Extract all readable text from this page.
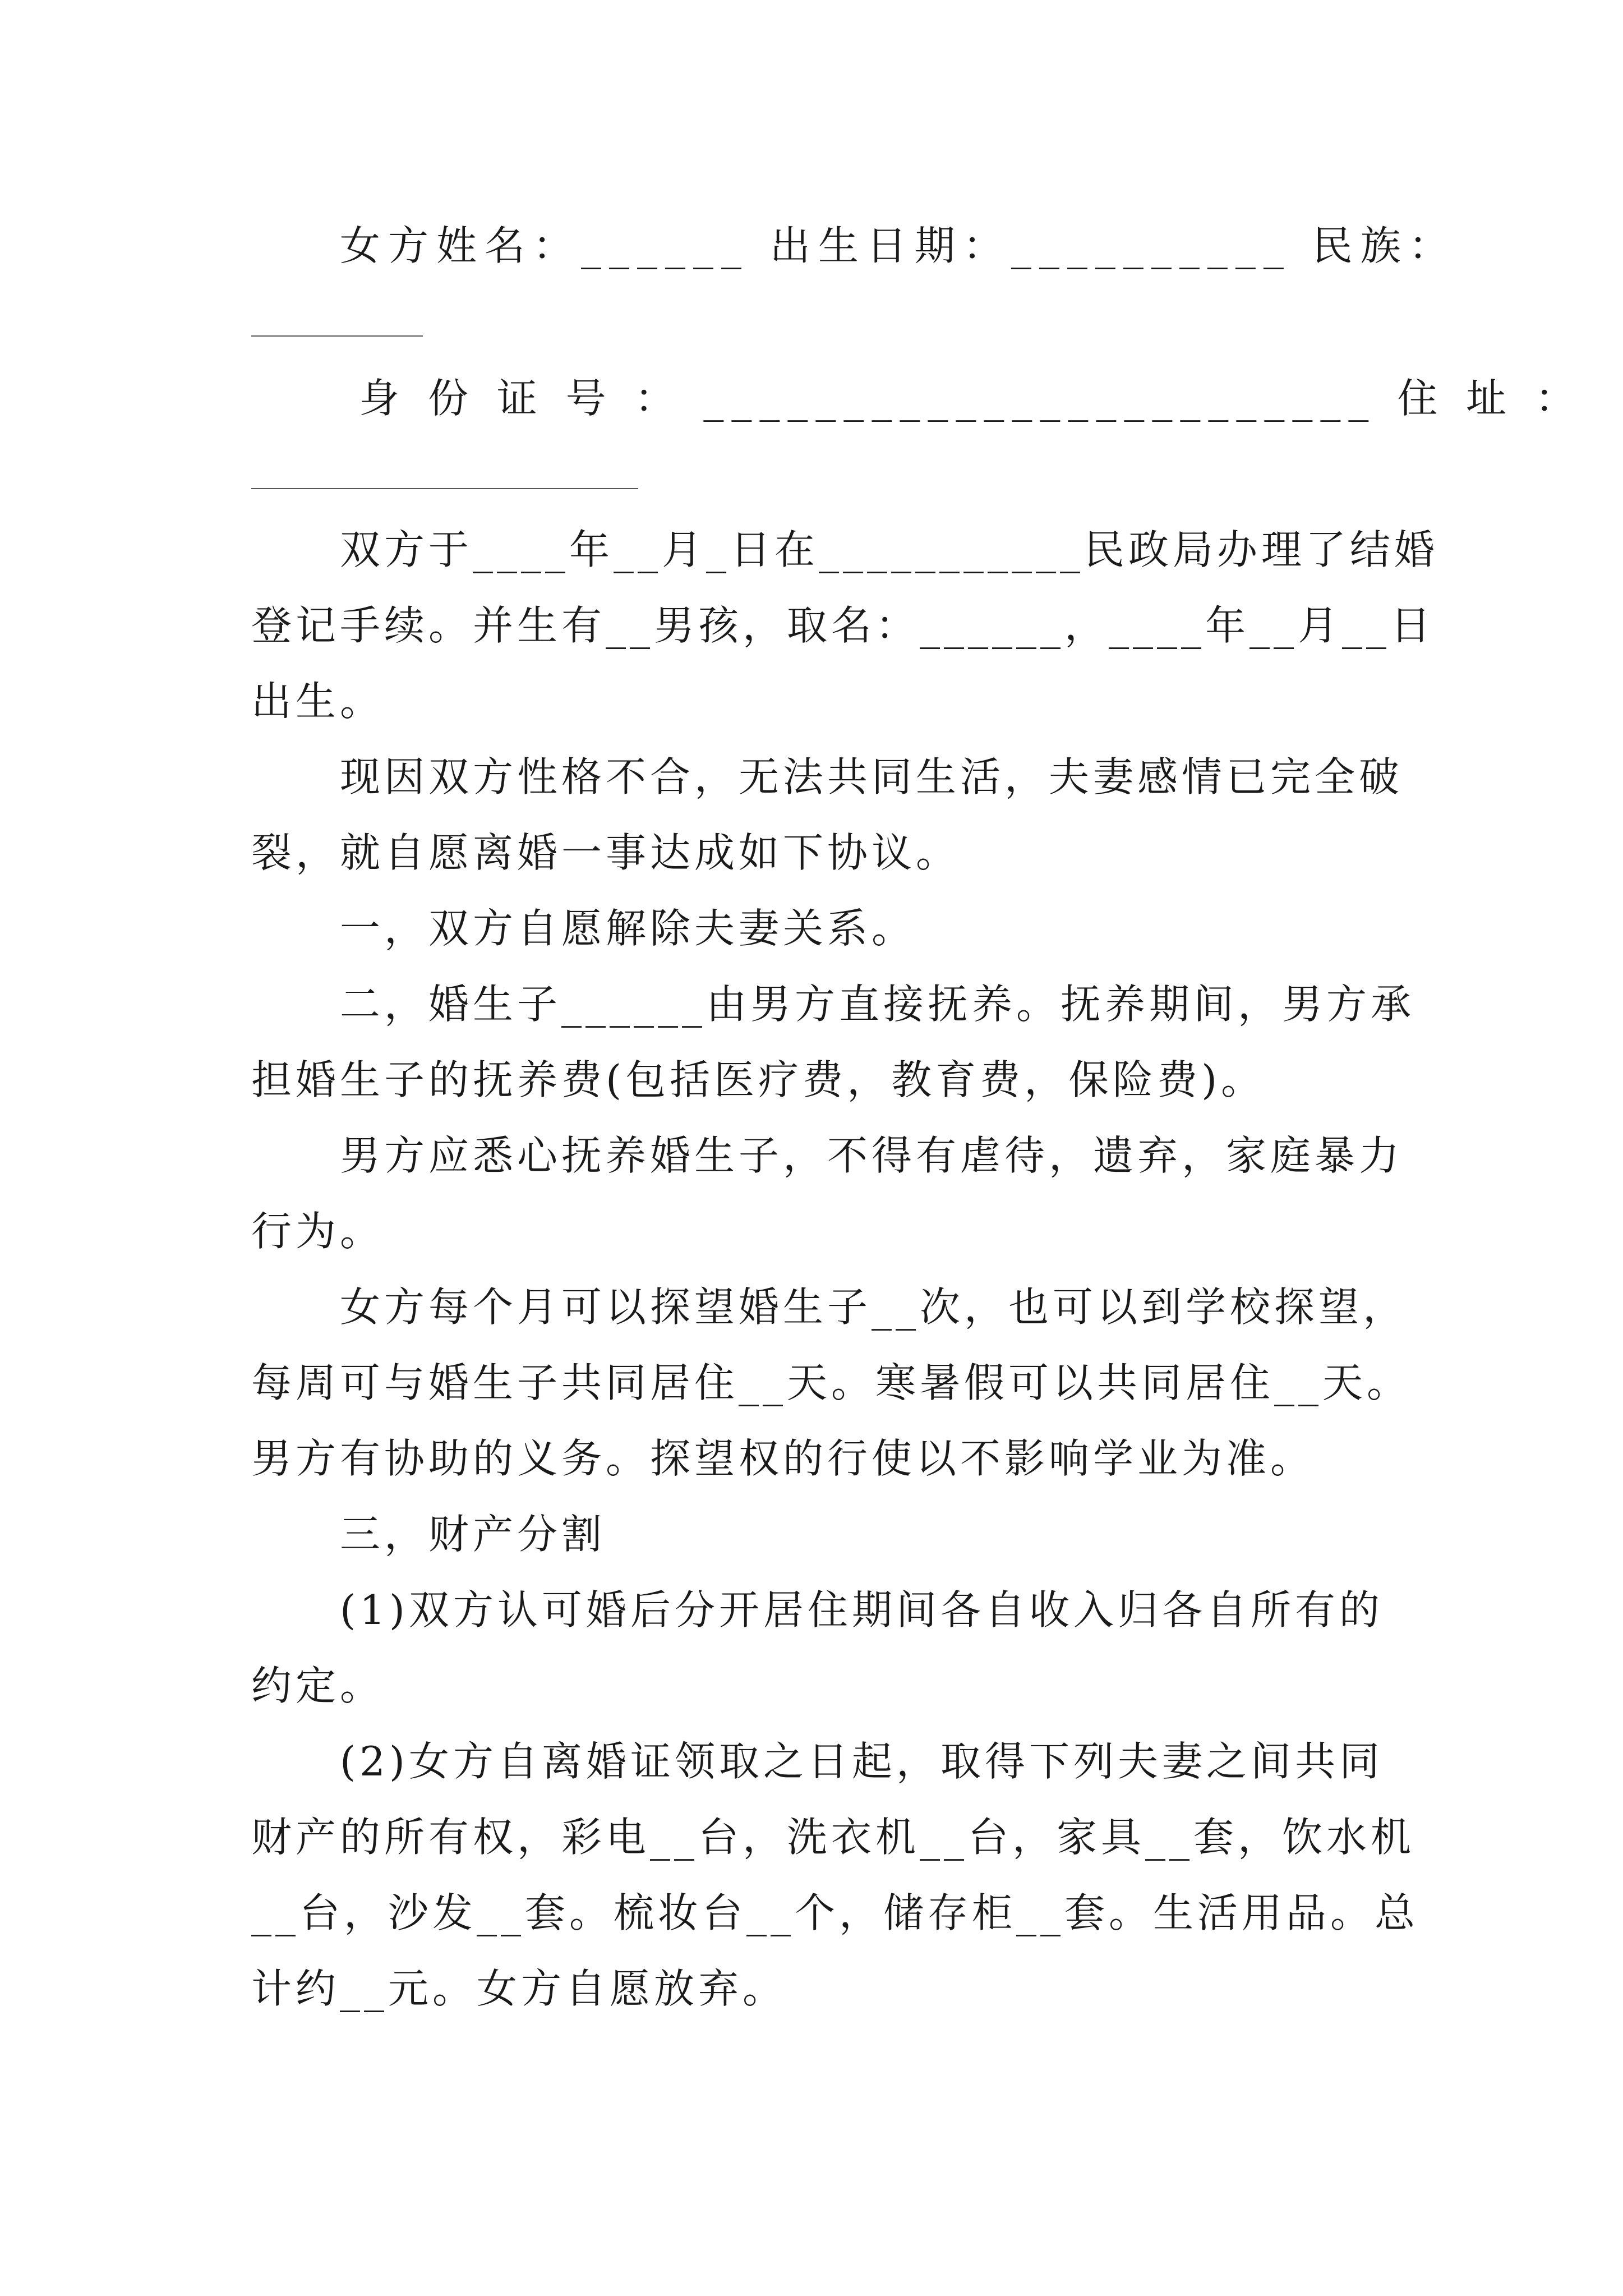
女方姓名：______ 出生日期：__________ 民族：
身 份 证 号 ： ________________________ 住 址 ：
双方于____年__月_日在___________民政局办理了结婚
登记手续。并生有__男孩，取名：______，____年__月__日
出生。
现因双方性格不合，无法共同生活，夫妻感情已完全破
裂，就自愿离婚一事达成如下协议。
一，双方自愿解除夫妻关系。
二，婚生子______由男方直接抚养。抚养期间，男方承
担婚生子的抚养费(包括医疗费，教育费，保险费)。
男方应悉心抚养婚生子，不得有虐待，遗弃，家庭暴力
行为。
女方每个月可以探望婚生子__次，也可以到学校探望，
每周可与婚生子共同居住__天。寒暑假可以共同居住__天。
男方有协助的义务。探望权的行使以不影响学业为准。
三，财产分割
(1)双方认可婚后分开居住期间各自收入归各自所有的
约定。
(2)女方自离婚证领取之日起，取得下列夫妻之间共同
财产的所有权，彩电__台，洗衣机__台，家具__套，饮水机
__台，沙发__套。梳妆台__个，储存柜__套。生活用品。总
计约__元。女方自愿放弃。
